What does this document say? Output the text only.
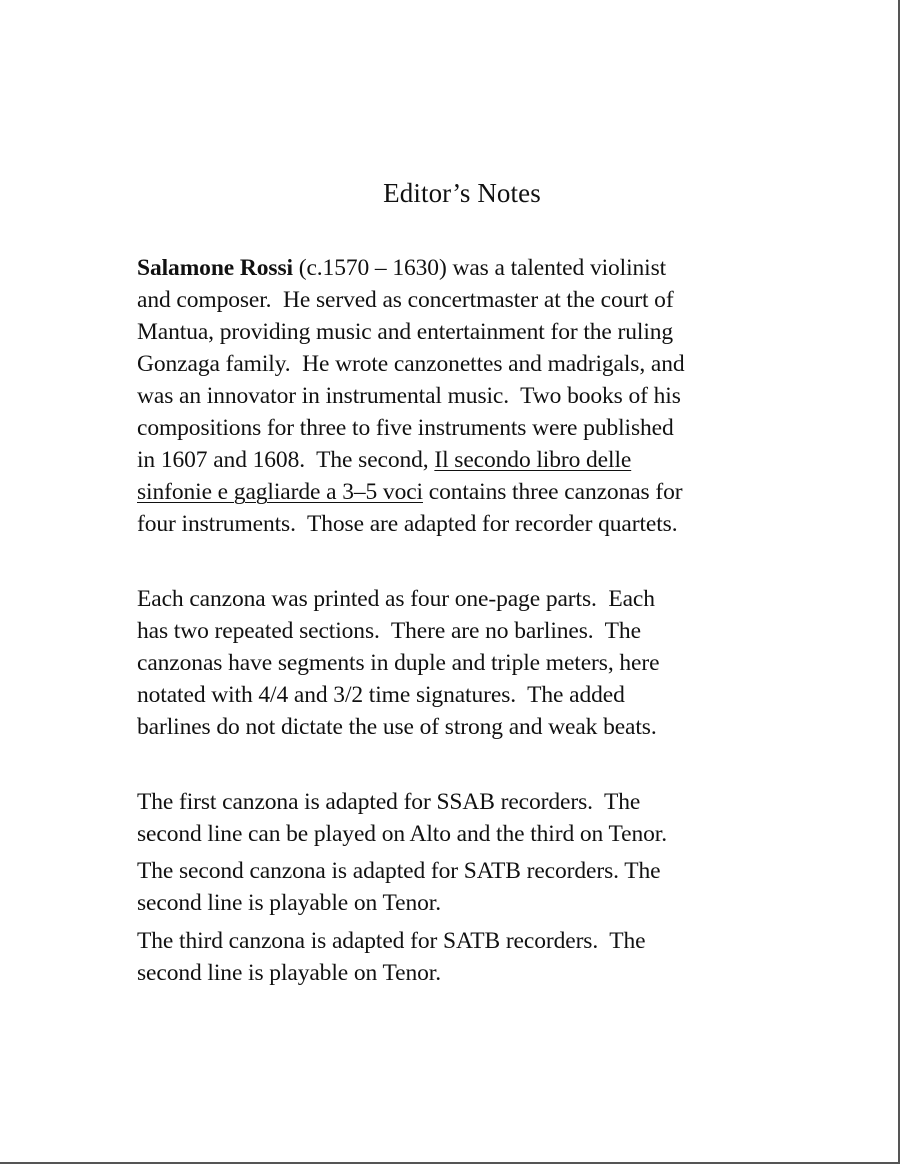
Editor’s Notes
Salamone Rossi (c.1570 – 1630) was a talented violinist
and composer.  He served as concertmaster at the court of
Mantua, providing music and entertainment for the ruling
Gonzaga family.  He wrote canzonettes and madrigals, and
was an innovator in instrumental music.  Two books of his
compositions for three to five instruments were published
in 1607 and 1608.  The second, Il secondo libro delle
sinfonie e gagliarde a 3–5 voci contains three canzonas for
four instruments.  Those are adapted for recorder quartets.
Each canzona was printed as four one-page parts.  Each
has two repeated sections.  There are no barlines.  The
canzonas have segments in duple and triple meters, here
notated with 4/4 and 3/2 time signatures.  The added
barlines do not dictate the use of strong and weak beats.
The first canzona is adapted for SSAB recorders.  The
second line can be played on Alto and the third on Tenor.
The second canzona is adapted for SATB recorders. The
second line is playable on Tenor.
The third canzona is adapted for SATB recorders.  The
second line is playable on Tenor.
